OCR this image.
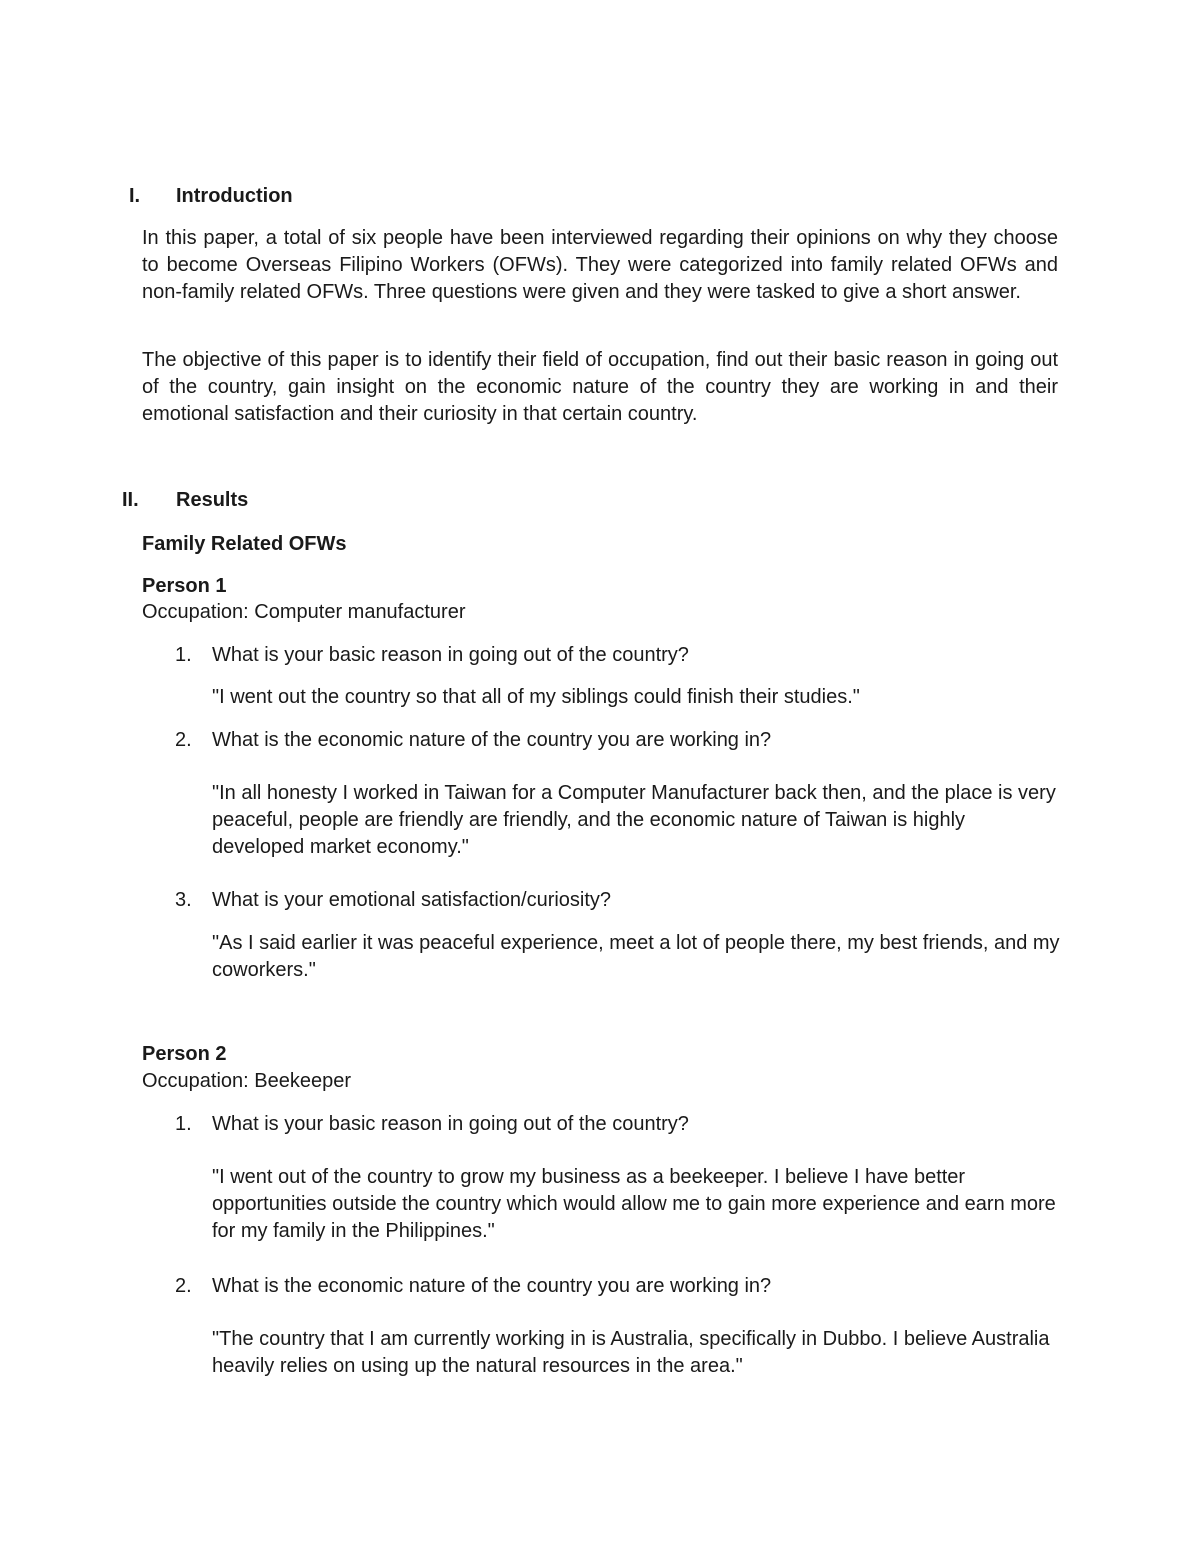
I. Introduction

In this paper, a total of six people have been interviewed regarding their opinions on why they choose to become Overseas Filipino Workers (OFWs). They were categorized into family related OFWs and non-family related OFWs. Three questions were given and they were tasked to give a short answer.

The objective of this paper is to identify their field of occupation, find out their basic reason in going out of the country, gain insight on the economic nature of the country they are working in and their emotional satisfaction and their curiosity in that certain country.

II. Results
Family Related OFWs
Person 1
Occupation: Computer manufacturer
1.	What is your basic reason in going out of the country?

"I went out the country so that all of my siblings could finish their studies."

2.	What is the economic nature of the country you are working in?

"In all honesty I worked in Taiwan for a Computer Manufacturer back then, and the place is very peaceful, people are friendly are friendly, and the economic nature of Taiwan is highly developed market economy."

3.	What is your emotional satisfaction/curiosity?

"As I said earlier it was peaceful experience, meet a lot of people there, my best friends, and my coworkers."

Person 2
Occupation: Beekeeper
1.	What is your basic reason in going out of the country?

"I went out of the country to grow my business as a beekeeper. I believe I have better opportunities outside the country which would allow me to gain more experience and earn more for my family in the Philippines."

2.	What is the economic nature of the country you are working in?

"The country that I am currently working in is Australia, specifically in Dubbo. I believe Australia heavily relies on using up the natural resources in the area."
